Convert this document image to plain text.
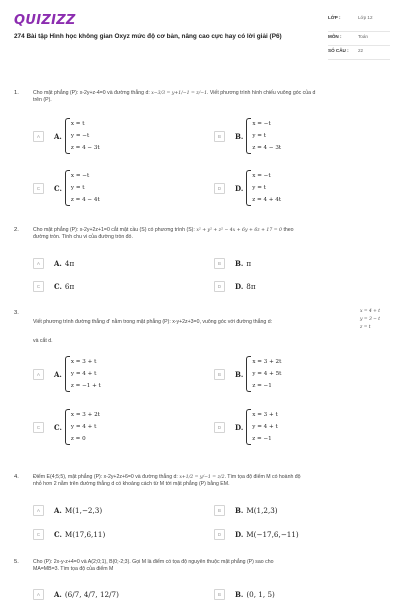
QUIZIZZ
274 Bài tập Hình học không gian Oxyz mức độ cơ bản, nâng cao cực hay có lời giải (P6)
LỚP :	Lớp 12
MÔN :	Toán
SỐ CÂU :	22
1.	Cho mặt phẳng (P): x-2y+z-4=0 và đường thẳng d: x−3/3 = y+1/−1 = z/−1. Viết phương trình hình chiếu vuông góc của d
trên (P).
A	A.
x = t
y = −t
z = 4 − 3t
B	B.
x = −t
y = t
z = 4 − 3t
C	C.
x = −t
y = t
z = 4 − 4t
D	D.
x = −t
y = t
z = 4 + 4t
2.	Cho mặt phẳng (P): x-2y+2z+1=0 cắt mặt cầu (S) có phương trình (S): x² + y² + z² − 4x + 6y + 6z + 17 = 0 theo
đường tròn. Tính chu vi của đường tròn đó.
A	A. 4π	B	B. π
C	C. 6π	D	D. 8π
3.	x = 4 + t
y = 3 − t
z = t
Viết phương trình đường thẳng d' nằm trong mặt phẳng (P): x-y+2z+3=0, vuông góc với đường thẳng d:
và cắt d.
A	A.
x = 3 + t
y = 4 + t
z = −1 + t
B	B.
x = 3 + 2t
y = 4 + 5t
z = −1
C	C.
x = 3 + 2t
y = 4 + t
z = 0
D	D.
x = 3 + t
y = 4 + t
z = −1
4.	Điểm E(4;5;5), mặt phẳng (P): x-2y+2z+6=0 và đường thẳng d: x+1/2 = y/−1 = z/2. Tìm tọa độ điểm M có hoành độ
nhỏ hơn 2 nằm trên đường thẳng d có khoảng cách từ M tới mặt phẳng (P) bằng EM.
A	A. M(1,−2,3)	B	B. M(1,2,3)
C	C. M(17,6,11)	D	D. M(−17,6,−11)
5.	Cho (P): 2x-y-z+4=0 và A(2;0;1), B(0;-2;3). Gọi M là điểm có tọa độ nguyên thuộc mặt phẳng (P) sao cho
MA=MB=3. Tìm tọa độ của điểm M
A	A. (6/7, 4/7, 12/7)	B	B. (0, 1, 5)
